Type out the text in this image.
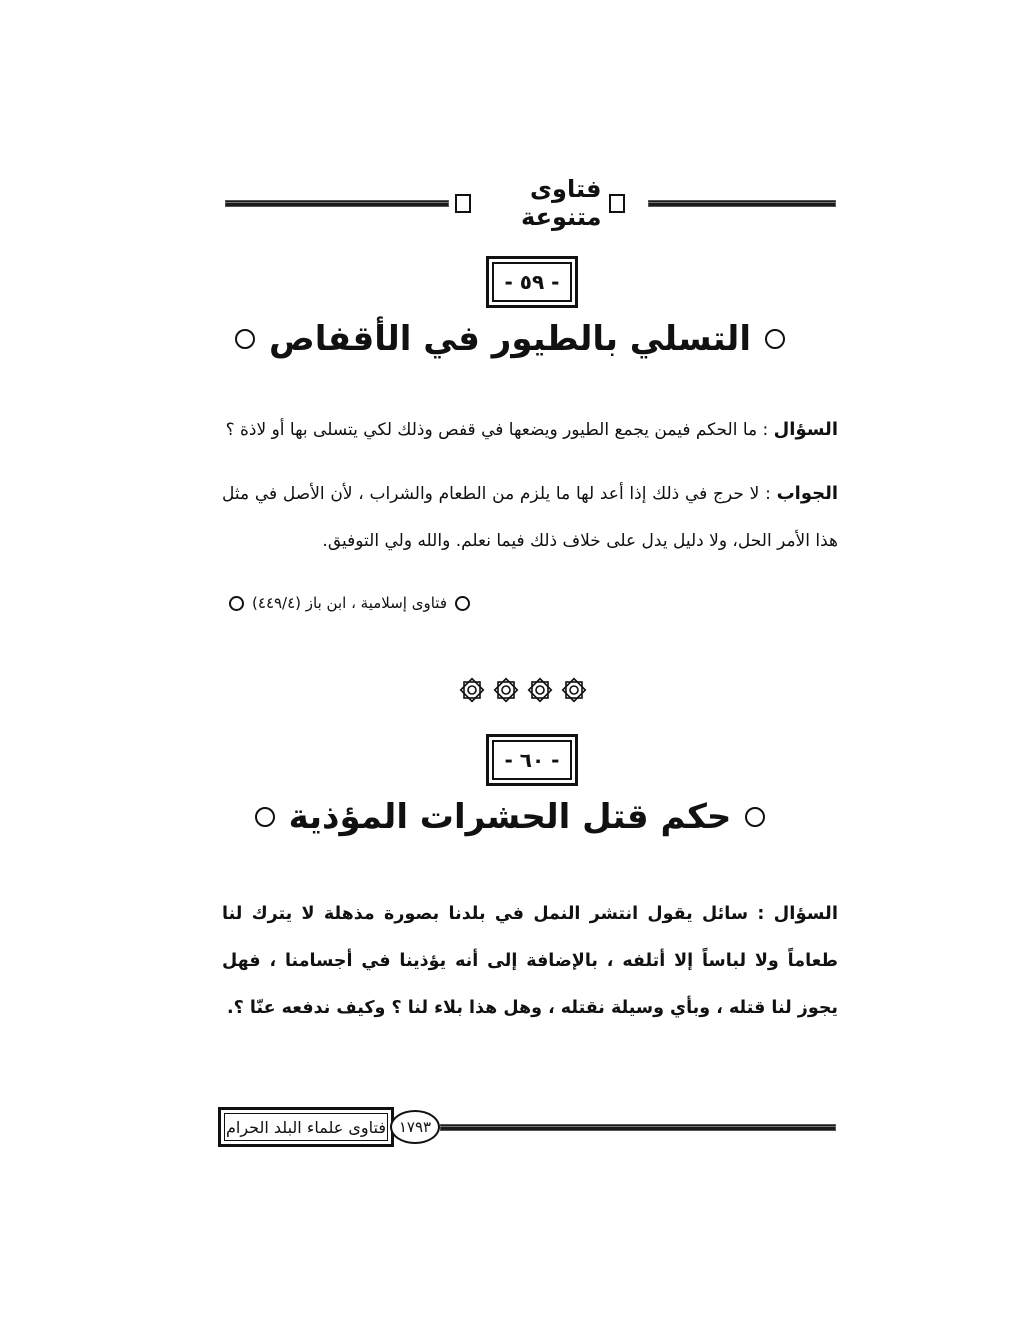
فتاوى متنوعة
- ٥٩ -
التسلي بالطيور في الأقفاص
السؤال : ما الحكم فيمن يجمع الطيور ويضعها في قفص وذلك لكي يتسلى بها أو لاذة ؟
الجواب : لا حرج في ذلك إذا أعد لها ما يلزم من الطعام والشراب ، لأن الأصل في مثل هذا الأمر الحل، ولا دليل يدل على خلاف ذلك فيما نعلم. والله ولي التوفيق.
فتاوى إسلامية ، ابن باز (٤٤٩/٤)
- ٦٠ -
حكم قتل الحشرات المؤذية
السؤال : سائل يقول انتشر النمل في بلدنا بصورة مذهلة لا يترك لنا طعاماً ولا لباساً إلا أتلفه ، بالإضافة إلى أنه يؤذينا في أجسامنا ، فهل يجوز لنا قتله ، وبأي وسيلة نقتله ، وهل هذا بلاء لنا ؟ وكيف ندفعه عنّا ؟.
فتاوى علماء البلد الحرام ١٧٩٣
